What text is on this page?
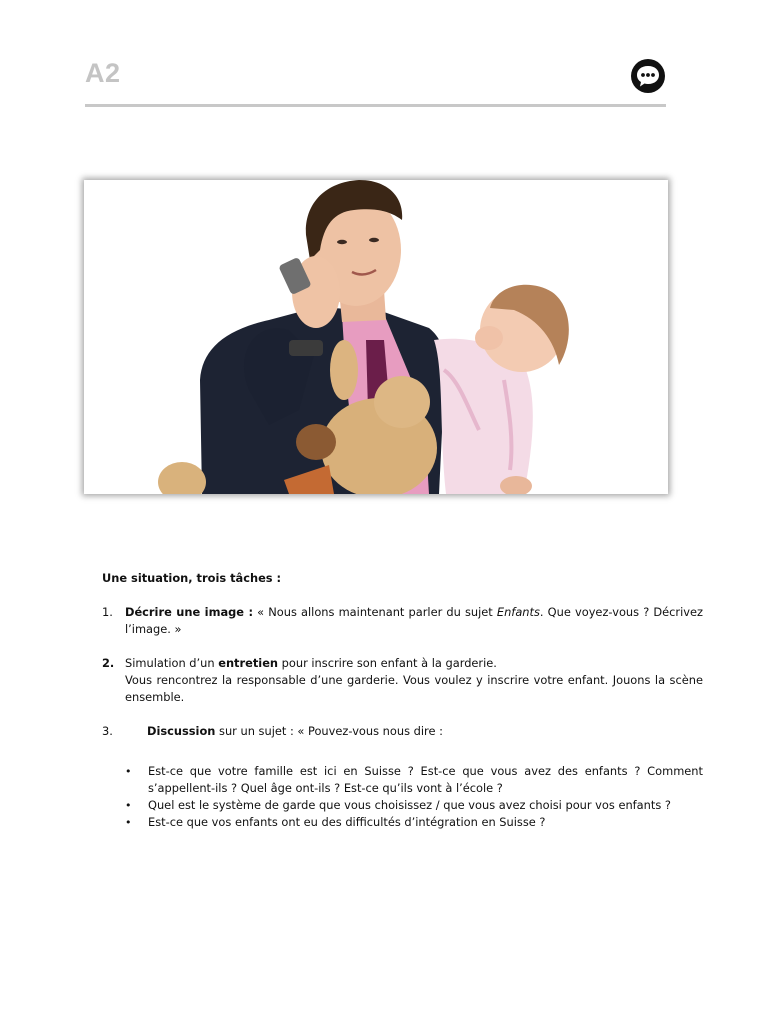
A2

Une situation, trois tâches :

1. Décrire une image : « Nous allons maintenant parler du sujet Enfants. Que voyez-vous ? Décrivez l’image. »
2. Simulation d’un entretien pour inscrire son enfant à la garderie.
Vous rencontrez la responsable d’une garderie. Vous voulez y inscrire votre enfant. Jouons la scène ensemble.
3.	Discussion sur un sujet : « Pouvez-vous nous dire :
• Est-ce que votre famille est ici en Suisse ? Est-ce que vous avez des enfants ? Comment s’appellent-ils ? Quel âge ont-ils ? Est-ce qu’ils vont à l’école ?
• Quel est le système de garde que vous choisissez / que vous avez choisi pour vos enfants ?
• Est-ce que vos enfants ont eu des difficultés d’intégration en Suisse ?
